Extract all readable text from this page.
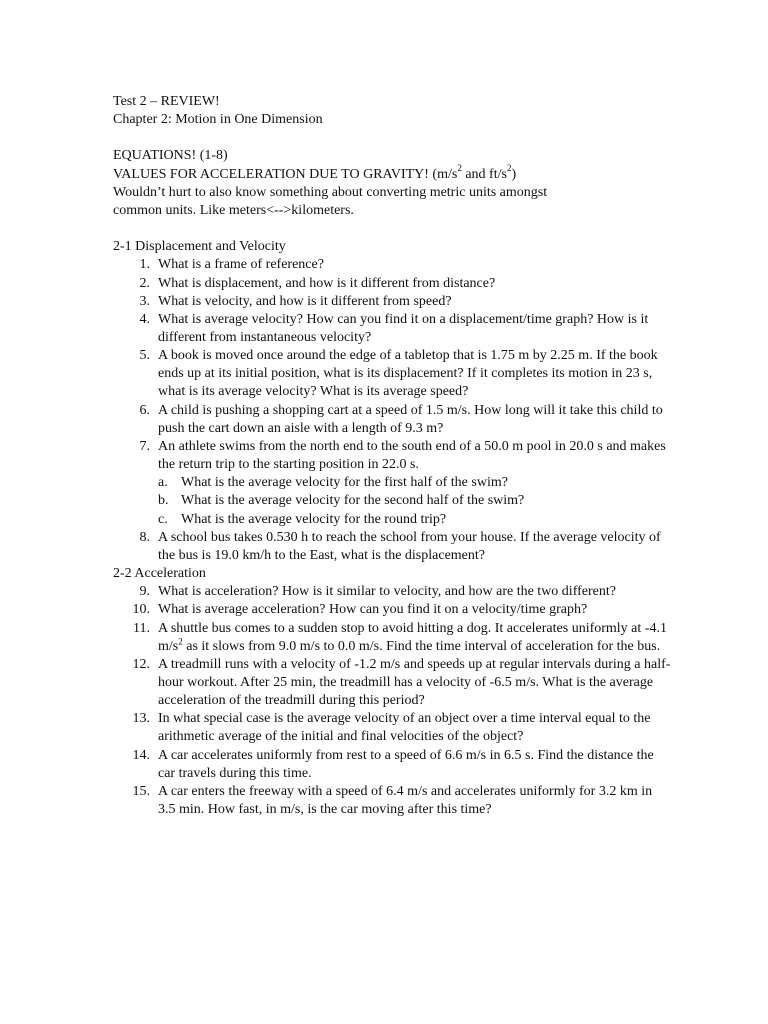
Test 2 – REVIEW!
Chapter 2: Motion in One Dimension
EQUATIONS! (1-8)
VALUES FOR ACCELERATION DUE TO GRAVITY! ($m/s^2$ and $ft/s^2$)
Wouldn’t hurt to also know something about converting metric units amongst
common units. Like meters<-->kilometers.
2-1 Displacement and Velocity
1. What is a frame of reference?
2. What is displacement, and how is it different from distance?
3. What is velocity, and how is it different from speed?
4. What is average velocity? How can you find it on a displacement/time graph? How is it different from instantaneous velocity?
5. A book is moved once around the edge of a tabletop that is 1.75 m by 2.25 m. If the book ends up at its initial position, what is its displacement? If it completes its motion in 23 s, what is its average velocity? What is its average speed?
6. A child is pushing a shopping cart at a speed of 1.5 m/s. How long will it take this child to push the cart down an aisle with a length of 9.3 m?
7. An athlete swims from the north end to the south end of a 50.0 m pool in 20.0 s and makes the return trip to the starting position in 22.0 s.
a. What is the average velocity for the first half of the swim?
b. What is the average velocity for the second half of the swim?
c. What is the average velocity for the round trip?
8. A school bus takes 0.530 h to reach the school from your house. If the average velocity of the bus is 19.0 km/h to the East, what is the displacement?
2-2 Acceleration
9. What is acceleration? How is it similar to velocity, and how are the two different?
10. What is average acceleration? How can you find it on a velocity/time graph?
11. A shuttle bus comes to a sudden stop to avoid hitting a dog. It accelerates uniformly at -4.1 $m/s^2$ as it slows from 9.0 m/s to 0.0 m/s. Find the time interval of acceleration for the bus.
12. A treadmill runs with a velocity of -1.2 m/s and speeds up at regular intervals during a half-hour workout. After 25 min, the treadmill has a velocity of -6.5 m/s. What is the average acceleration of the treadmill during this period?
13. In what special case is the average velocity of an object over a time interval equal to the arithmetic average of the initial and final velocities of the object?
14. A car accelerates uniformly from rest to a speed of 6.6 m/s in 6.5 s. Find the distance the car travels during this time.
15. A car enters the freeway with a speed of 6.4 m/s and accelerates uniformly for 3.2 km in 3.5 min. How fast, in m/s, is the car moving after this time?
